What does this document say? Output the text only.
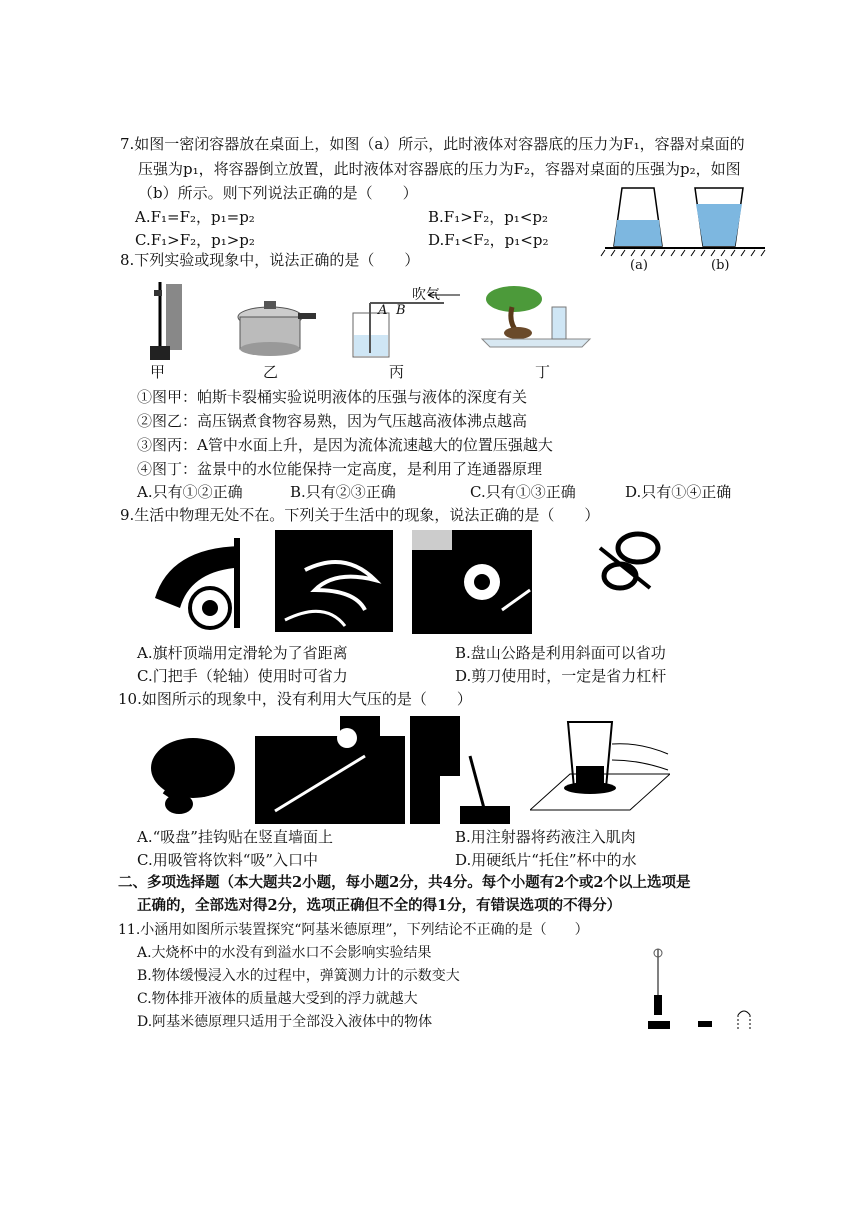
7.如图一密闭容器放在桌面上，如图（a）所示，此时液体对容器底的压力为F₁，容器对桌面的
压强为p₁，将容器倒立放置，此时液体对容器底的压力为F₂，容器对桌面的压强为p₂，如图
（b）所示。则下列说法正确的是（　　）
A.F₁=F₂，p₁=p₂	B.F₁>F₂，p₁<p₂
C.F₁>F₂，p₁>p₂	D.F₁<F₂，p₁<p₂
(a)	(b)
8.下列实验或现象中，说法正确的是（　　）
吹气
A B
甲	乙	丙	丁
①图甲：帕斯卡裂桶实验说明液体的压强与液体的深度有关
②图乙：高压锅煮食物容易熟，因为气压越高液体沸点越高
③图丙：A管中水面上升，是因为流体流速越大的位置压强越大
④图丁：盆景中的水位能保持一定高度，是利用了连通器原理
A.只有①②正确	B.只有②③正确	C.只有①③正确	D.只有①④正确
9.生活中物理无处不在。下列关于生活中的现象，说法正确的是（　　）
A.旗杆顶端用定滑轮为了省距离	B.盘山公路是利用斜面可以省功
C.门把手（轮轴）使用时可省力	D.剪刀使用时，一定是省力杠杆
10.如图所示的现象中，没有利用大气压的是（　　）
A.“吸盘”挂钩贴在竖直墙面上	B.用注射器将药液注入肌肉
C.用吸管将饮料“吸”入口中	D.用硬纸片“托住”杯中的水
二、多项选择题（本大题共2小题，每小题2分，共4分。每个小题有2个或2个以上选项是
正确的，全部选对得2分，选项正确但不全的得1分，有错误选项的不得分）
11.小涵用如图所示装置探究“阿基米德原理”，下列结论不正确的是（　　）
A.大烧杯中的水没有到溢水口不会影响实验结果
B.物体缓慢浸入水的过程中，弹簧测力计的示数变大
C.物体排开液体的质量越大受到的浮力就越大
D.阿基米德原理只适用于全部没入液体中的物体
